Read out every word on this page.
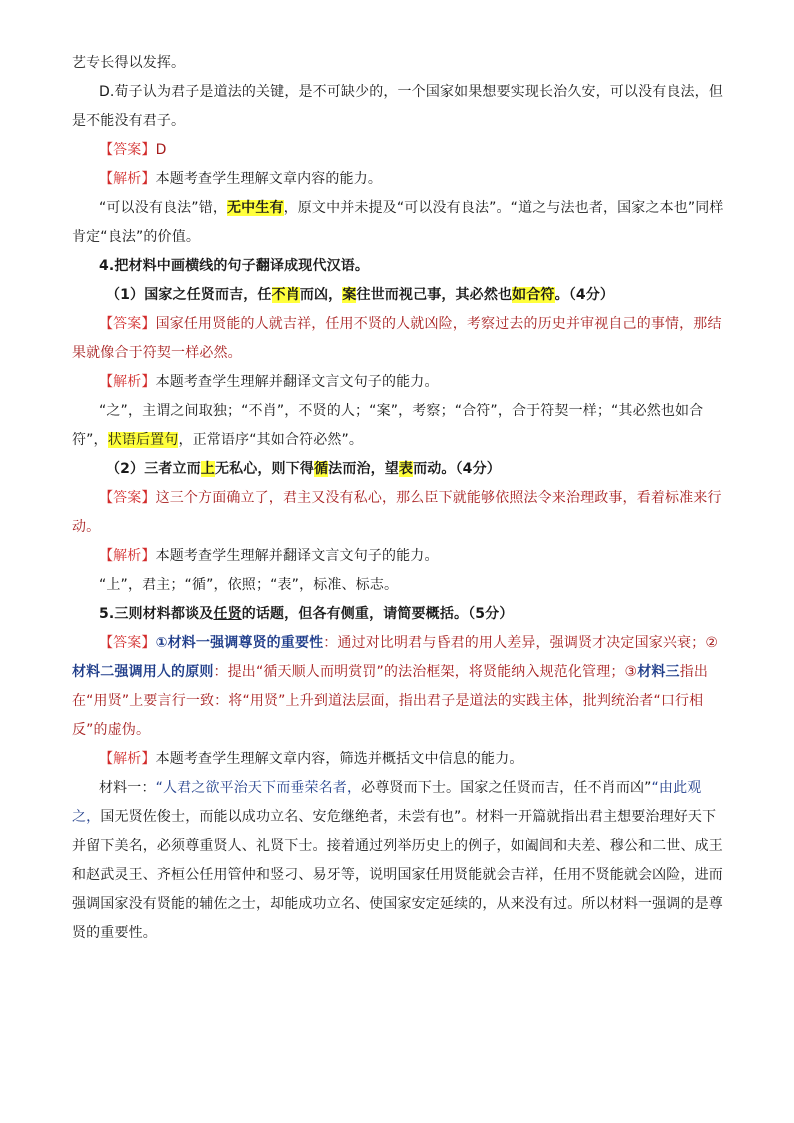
艺专长得以发挥。

D.荀子认为君子是道法的关键，是不可缺少的，一个国家如果想要实现长治久安，可以没有良法，但是不能没有君子。

【答案】D

【解析】本题考查学生理解文章内容的能力。

“可以没有良法”错，无中生有，原文中并未提及“可以没有良法”。“道之与法也者，国家之本也”同样肯定“良法”的价值。

4.把材料中画横线的句子翻译成现代汉语。

（1）国家之任贤而吉，任不肖而凶，案往世而视己事，其必然也如合符。（4分）

【答案】国家任用贤能的人就吉祥，任用不贤的人就凶险，考察过去的历史并审视自己的事情，那结果就像合于符契一样必然。

【解析】本题考查学生理解并翻译文言文句子的能力。

“之”，主谓之间取独；“不肖”，不贤的人；“案”，考察；“合符”，合于符契一样；“其必然也如合符”，状语后置句，正常语序“其如合符必然”。

（2）三者立而上无私心，则下得循法而治，望表而动。（4分）

【答案】这三个方面确立了，君主又没有私心，那么臣下就能够依照法令来治理政事，看着标准来行动。

【解析】本题考查学生理解并翻译文言文句子的能力。

“上”，君主；“循”，依照；“表”，标准、标志。

5.三则材料都谈及任贤的话题，但各有侧重，请简要概括。（5分）

【答案】①材料一强调尊贤的重要性：通过对比明君与昏君的用人差异，强调贤才决定国家兴衰；②材料二强调用人的原则：提出“循天顺人而明赏罚”的法治框架，将贤能纳入规范化管理；③材料三指出在“用贤”上要言行一致：将“用贤”上升到道法层面，指出君子是道法的实践主体，批判统治者“口行相反”的虚伪。

【解析】本题考查学生理解文章内容，筛选并概括文中信息的能力。

材料一：“人君之欲平治天下而垂荣名者，必尊贤而下士。国家之任贤而吉，任不肖而凶”“由此观之，国无贤佐俊士，而能以成功立名、安危继绝者，未尝有也”。材料一开篇就指出君主想要治理好天下并留下美名，必须尊重贤人、礼贤下士。接着通过列举历史上的例子，如阖闾和夫差、穆公和二世、成王和赵武灵王、齐桓公任用管仲和竖刁、易牙等，说明国家任用贤能就会吉祥，任用不贤能就会凶险，进而强调国家没有贤能的辅佐之士，却能成功立名、使国家安定延续的，从来没有过。所以材料一强调的是尊贤的重要性。
